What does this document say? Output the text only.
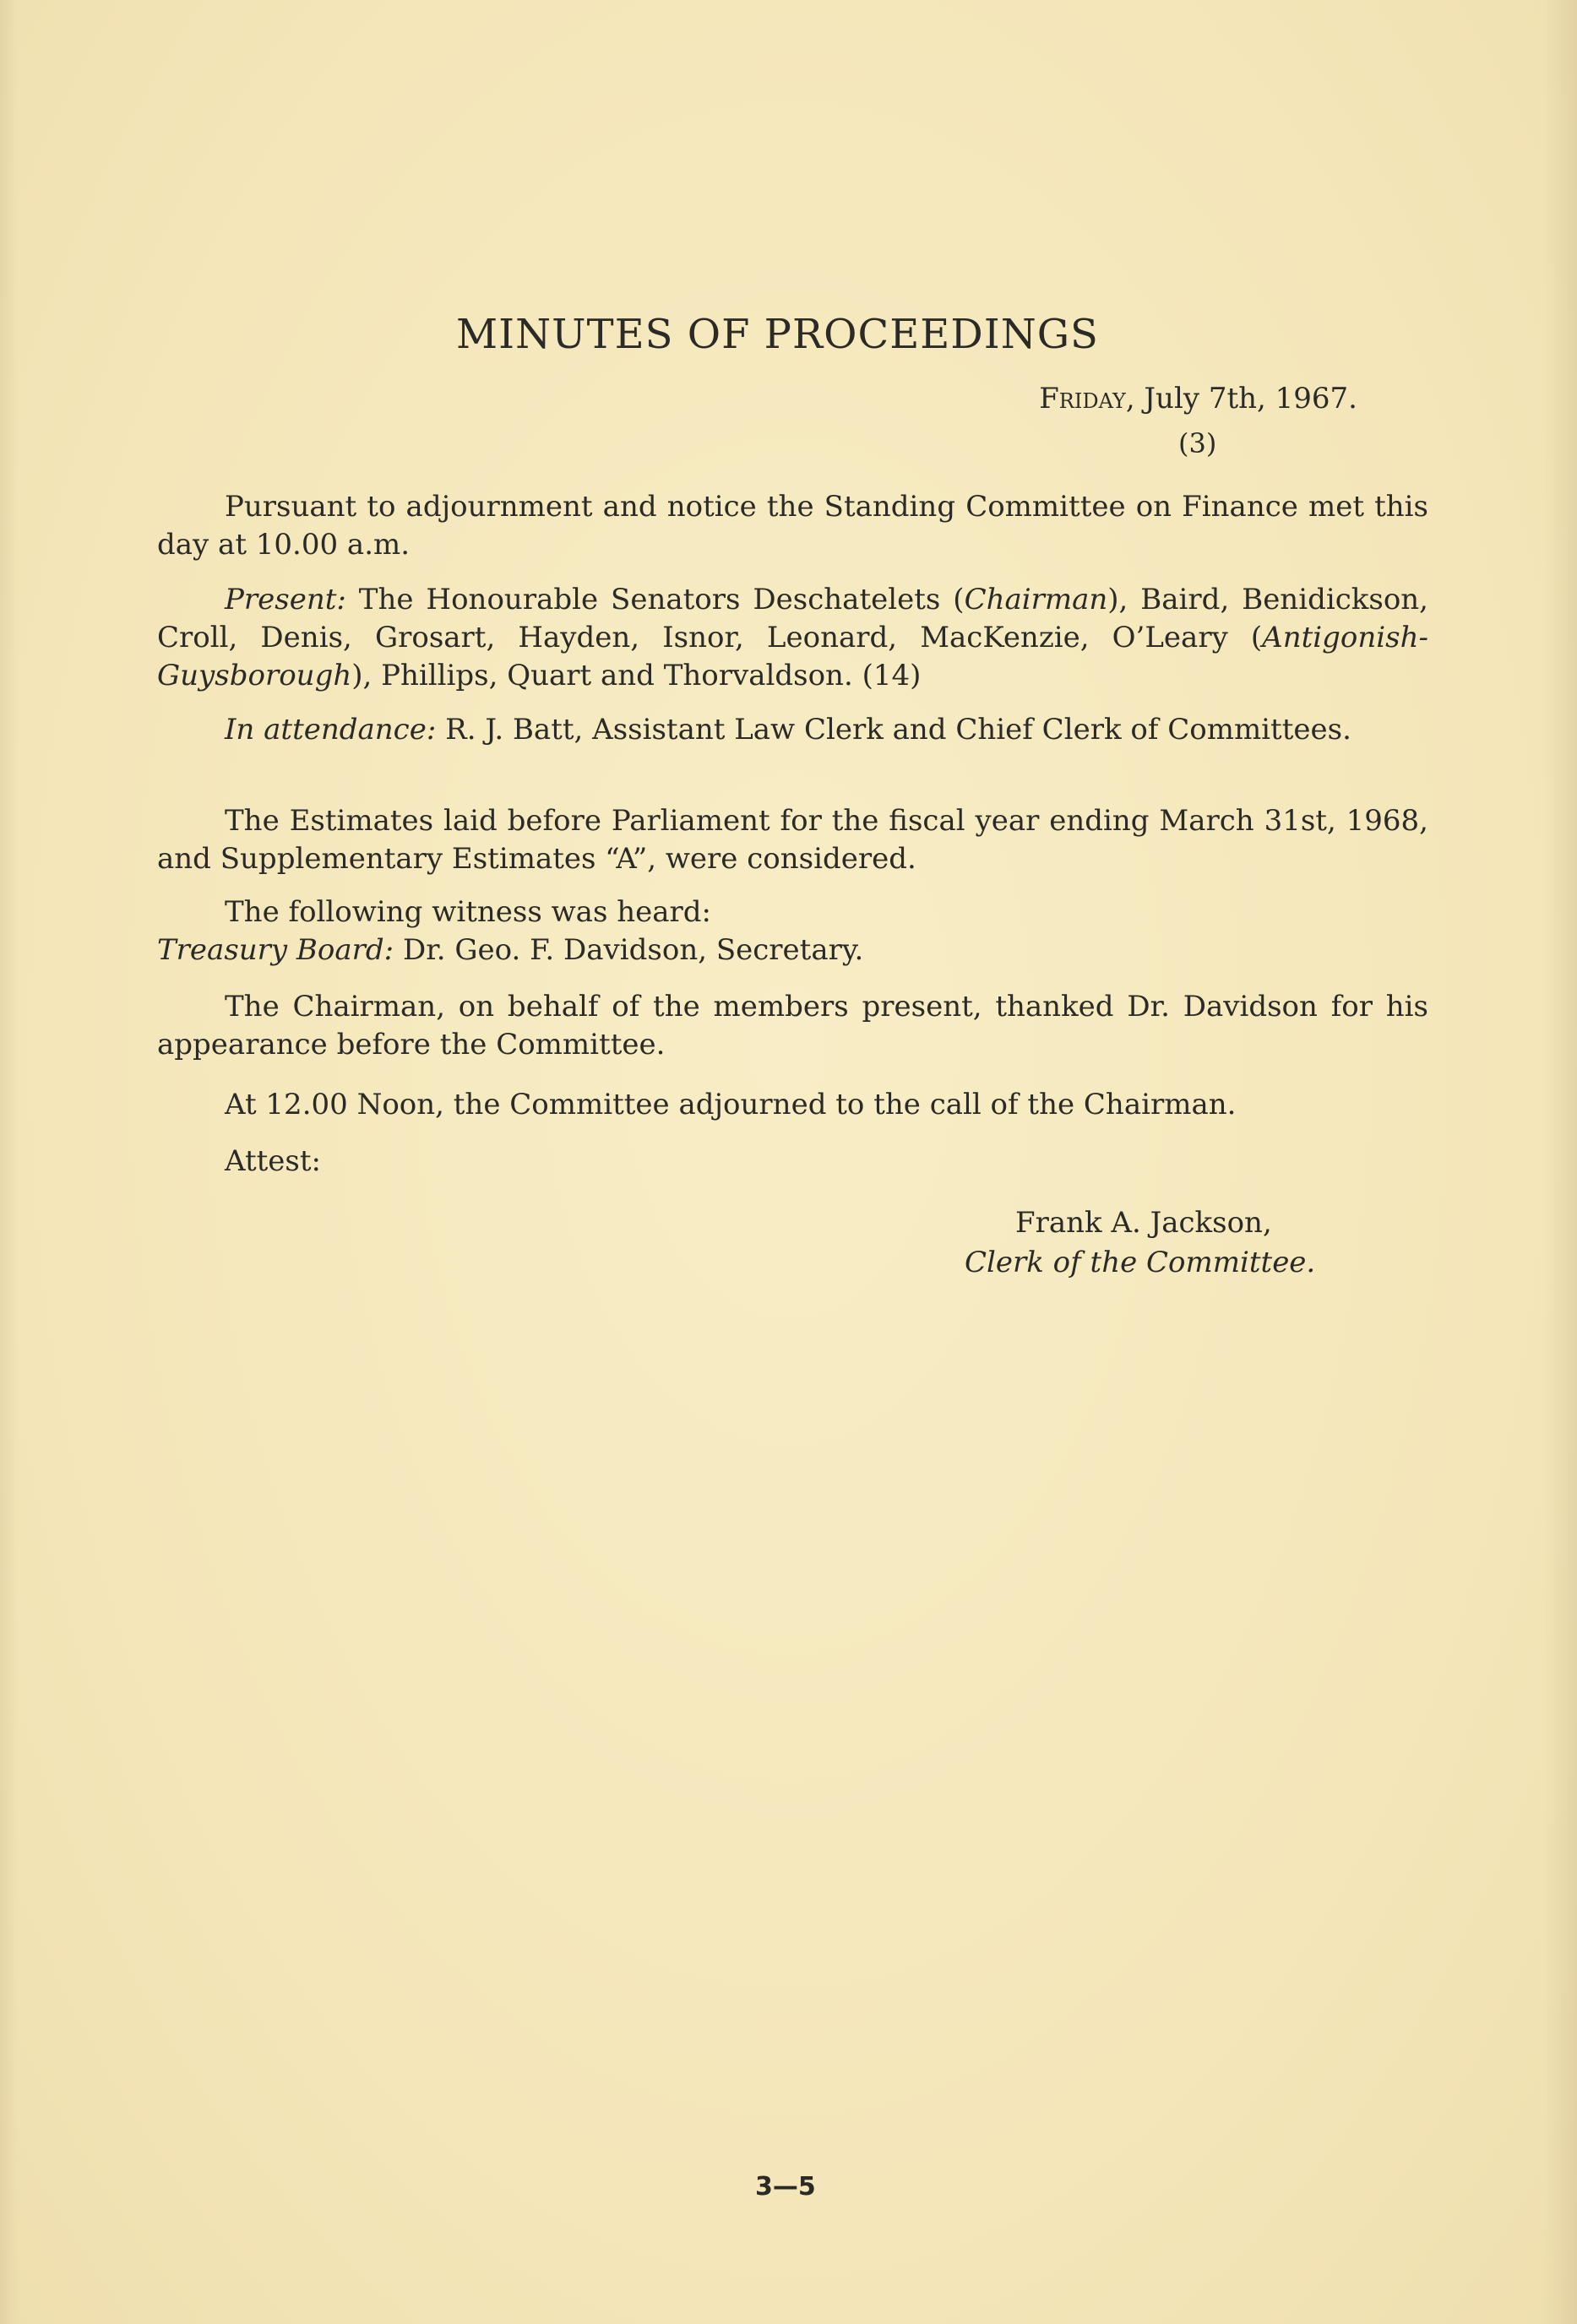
MINUTES OF PROCEEDINGS
Friday, July 7th, 1967.
(3)

Pursuant to adjournment and notice the Standing Committee on Finance met this day at 10.00 a.m.

Present: The Honourable Senators Deschatelets (Chairman), Baird, Benidickson, Croll, Denis, Grosart, Hayden, Isnor, Leonard, MacKenzie, O’Leary (Antigonish-Guysborough), Phillips, Quart and Thorvaldson. (14)

In attendance: R. J. Batt, Assistant Law Clerk and Chief Clerk of Committees.

The Estimates laid before Parliament for the fiscal year ending March 31st, 1968, and Supplementary Estimates “A”, were considered.

The following witness was heard:

Treasury Board: Dr. Geo. F. Davidson, Secretary.

The Chairman, on behalf of the members present, thanked Dr. Davidson for his appearance before the Committee.

At 12.00 Noon, the Committee adjourned to the call of the Chairman.

Attest:

Frank A. Jackson,
Clerk of the Committee.
3—5
